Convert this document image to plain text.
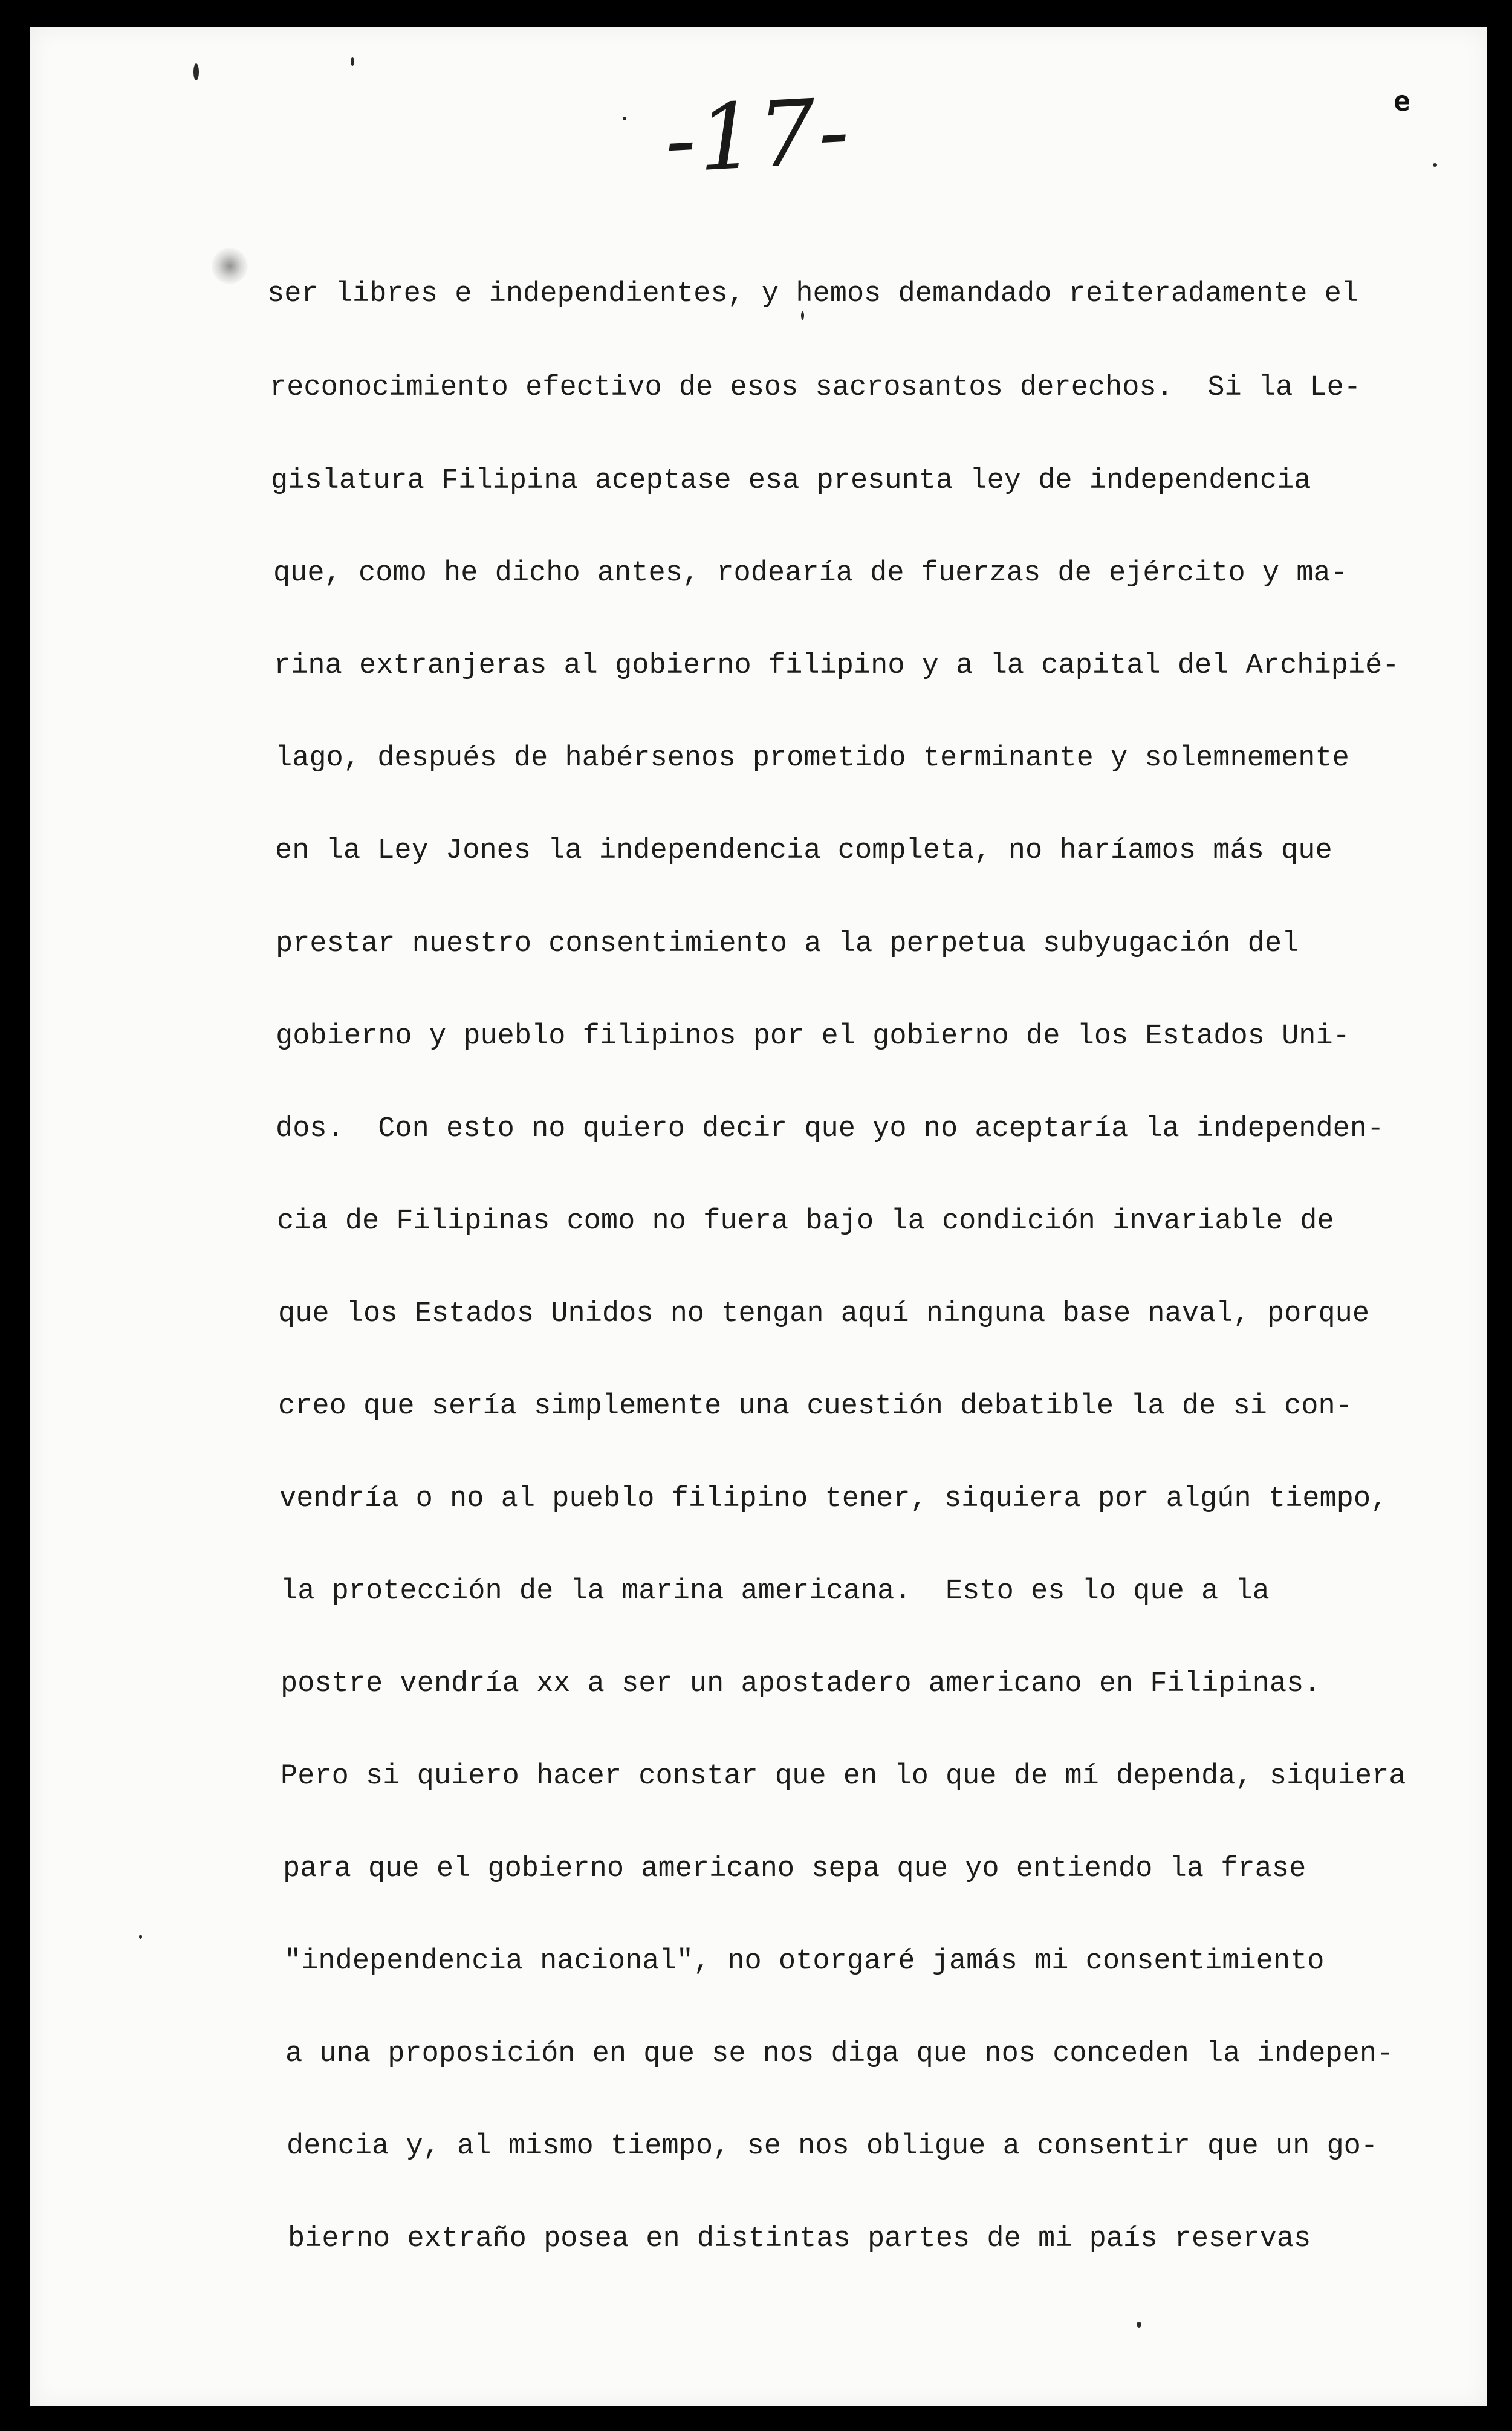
-17-	e
ser libres e independientes, y hemos demandado reiteradamente el
reconocimiento efectivo de esos sacrosantos derechos.  Si la Le-
gislatura Filipina aceptase esa presunta ley de independencia
que, como he dicho antes, rodearía de fuerzas de ejército y ma-
rina extranjeras al gobierno filipino y a la capital del Archipié-
lago, después de habérsenos prometido terminante y solemnemente
en la Ley Jones la independencia completa, no haríamos más que
prestar nuestro consentimiento a la perpetua subyugación del
gobierno y pueblo filipinos por el gobierno de los Estados Uni-
dos.  Con esto no quiero decir que yo no aceptaría la independen-
cia de Filipinas como no fuera bajo la condición invariable de
que los Estados Unidos no tengan aquí ninguna base naval, porque
creo que sería simplemente una cuestión debatible la de si con-
vendría o no al pueblo filipino tener, siquiera por algún tiempo,
la protección de la marina americana.  Esto es lo que a la
postre vendría xx a ser un apostadero americano en Filipinas.
Pero si quiero hacer constar que en lo que de mí dependa, siquiera
para que el gobierno americano sepa que yo entiendo la frase
"independencia nacional", no otorgaré jamás mi consentimiento
a una proposición en que se nos diga que nos conceden la indepen-
dencia y, al mismo tiempo, se nos obligue a consentir que un go-
bierno extraño posea en distintas partes de mi país reservas
